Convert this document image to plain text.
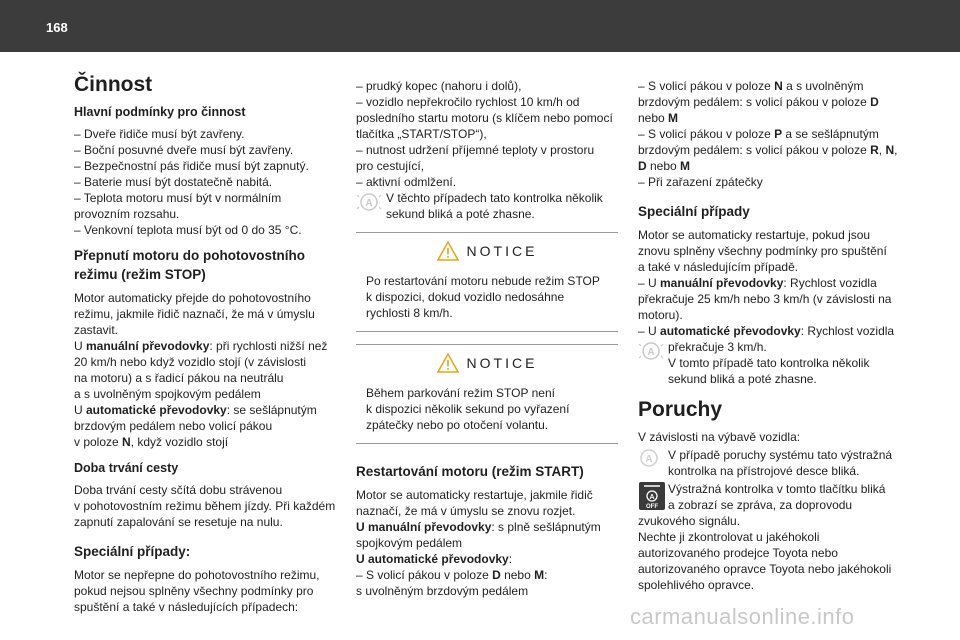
168
Činnost
Hlavní podmínky pro činnost
– Dveře řidiče musí být zavřeny.
– Boční posuvné dveře musí být zavřeny.
– Bezpečnostní pás řidiče musí být zapnutý.
– Baterie musí být dostatečně nabitá.
– Teplota motoru musí být v normálním
provozním rozsahu.
– Venkovní teplota musí být od 0 do 35 °C.
Přepnutí motoru do pohotovostního
režimu (režim STOP)
Motor automaticky přejde do pohotovostního
režimu, jakmile řidič naznačí, že má v úmyslu
zastavit.
U manuální převodovky: při rychlosti nižší než
20 km/h nebo když vozidlo stojí (v závislosti
na motoru) a s řadicí pákou na neutrálu
a s uvolněným spojkovým pedálem
U automatické převodovky: se sešlápnutým
brzdovým pedálem nebo volicí pákou
v poloze N, když vozidlo stojí
Doba trvání cesty
Doba trvání cesty sčítá dobu strávenou
v pohotovostním režimu během jízdy. Při každém
zapnutí zapalování se resetuje na nulu.
Speciální případy:
Motor se nepřepne do pohotovostního režimu,
pokud nejsou splněny všechny podmínky pro
spuštění a také v následujících případech:
– prudký kopec (nahoru i dolů),
– vozidlo nepřekročilo rychlost 10 km/h od
posledního startu motoru (s klíčem nebo pomocí
tlačítka „START/STOP“),
– nutnost udržení příjemné teploty v prostoru
pro cestující,
– aktivní odmlžení.
A V těchto případech tato kontrolka několik
sekund bliká a poté zhasne.
NOTICE
Po restartování motoru nebude režim STOP
k dispozici, dokud vozidlo nedosáhne
rychlosti 8 km/h.
NOTICE
Během parkování režim STOP není
k dispozici několik sekund po vyřazení
zpátečky nebo po otočení volantu.
Restartování motoru (režim START)
Motor se automaticky restartuje, jakmile řidič
naznačí, že má v úmyslu se znovu rozjet.
U manuální převodovky: s plně sešlápnutým
spojkovým pedálem
U automatické převodovky:
– S volicí pákou v poloze D nebo M:
s uvolněným brzdovým pedálem
– S volicí pákou v poloze N a s uvolněným
brzdovým pedálem: s volicí pákou v poloze D
nebo M
– S volicí pákou v poloze P a se sešlápnutým
brzdovým pedálem: s volicí pákou v poloze R, N,
D nebo M
– Při zařazení zpátečky
Speciální případy
Motor se automaticky restartuje, pokud jsou
znovu splněny všechny podmínky pro spuštění
a také v následujícím případě.
– U manuální převodovky: Rychlost vozidla
překračuje 25 km/h nebo 3 km/h (v závislosti na
motoru).
– U automatické převodovky: Rychlost vozidla
A překračuje 3 km/h.
V tomto případě tato kontrolka několik
sekund bliká a poté zhasne.
Poruchy
V závislosti na výbavě vozidla:
A V případě poruchy systému tato výstražná
kontrolka na přístrojové desce bliká.
A
OFF
Výstražná kontrolka v tomto tlačítku bliká
a zobrazí se zpráva, za doprovodu
zvukového signálu.
Nechte ji zkontrolovat u jakéhokoli
autorizovaného prodejce Toyota nebo
autorizovaného opravce Toyota nebo jakéhokoli
spolehlivého opravce.
carmanualsonline.info
